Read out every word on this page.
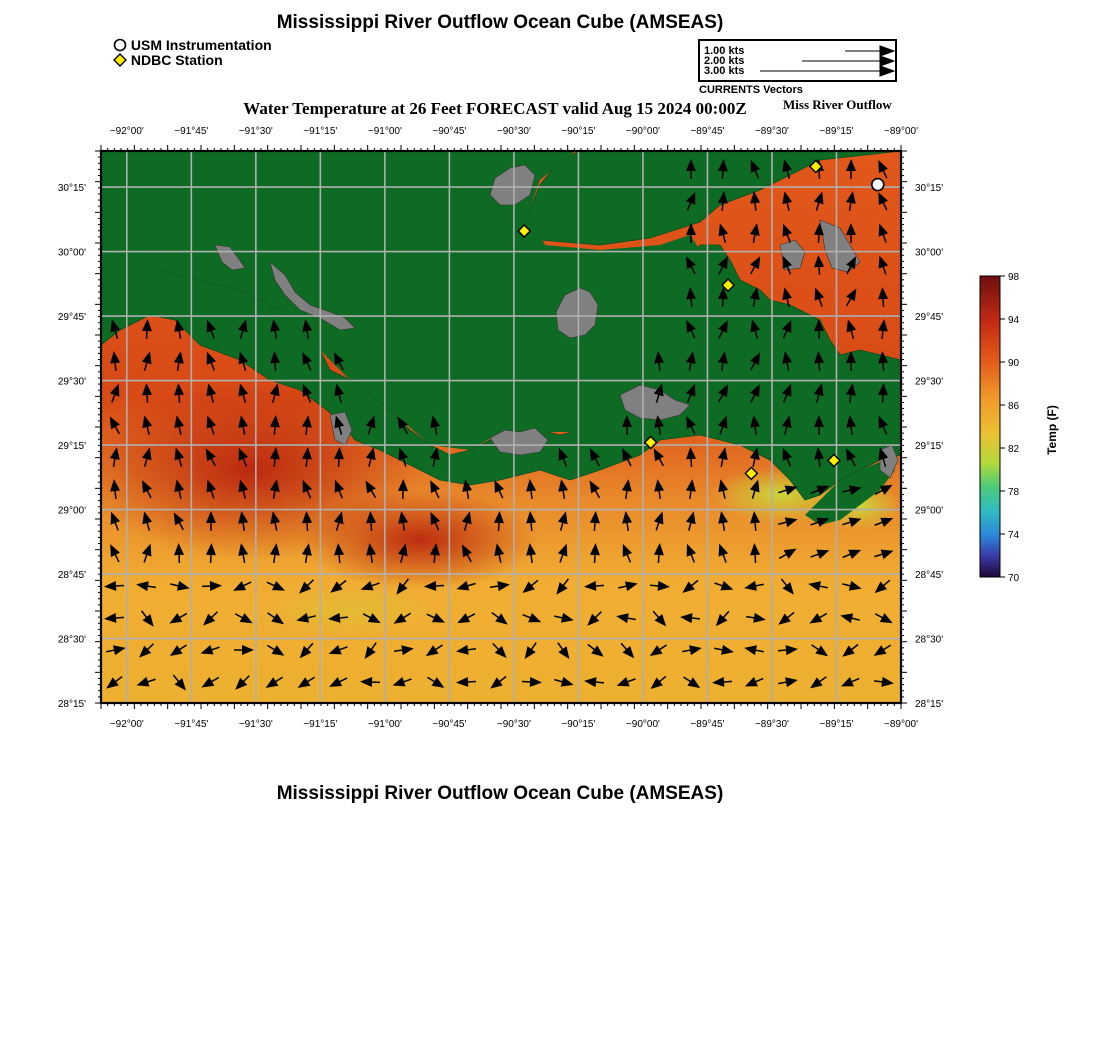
Mississippi River Outflow Ocean Cube (AMSEAS)
USM Instrumentation
NDBC Station
1.00 kts
2.00 kts
3.00 kts
CURRENTS Vectors
Water Temperature at 26 Feet FORECAST valid Aug 15 2024 00:00Z	Miss River Outflow
−92°00'	−91°45'	−91°30'	−91°15'	−91°00'	−90°45'	−90°30'	−90°15'	−90°00'	−89°45'	−89°30'	−89°15'	−89°00'
−92°00'	−91°45'	−91°30'	−91°15'	−91°00'	−90°45'	−90°30'	−90°15'	−90°00'	−89°45'	−89°30'	−89°15'	−89°00'
30°15'
30°00'
29°45'
29°30'
29°15'
29°00'
28°45'
28°30'
28°15'
30°15'
30°00'
29°45'
29°30'
29°15'
29°00'
28°45'
28°30'
28°15'
98
94
90
86
82
78
74
70
Temp (F)
Mississippi River Outflow Ocean Cube (AMSEAS)
